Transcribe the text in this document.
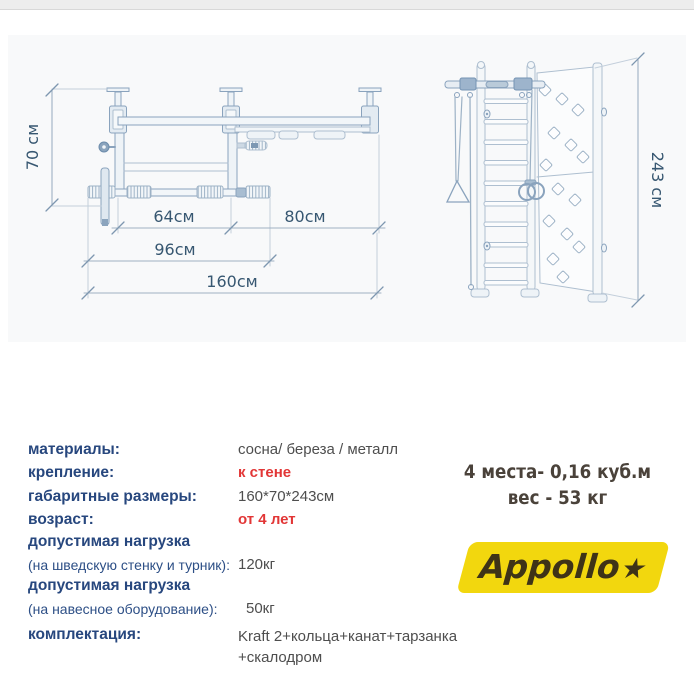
70 см
64см	80см
96см
160см
243 см
материалы:	сосна/ береза / металл
крепление:	к стене
габаритные размеры:	160*70*243см
возраст:	от 4 лет
допустимая нагрузка
(на шведскую стенку и турник): 120кг
допустимая нагрузка
(на навесное оборудование): 50кг
комплектация:	Kraft 2+кольца+канат+тарзанка +скалодром
4 места- 0,16 куб.м
вес - 53 кг
Appollo★
